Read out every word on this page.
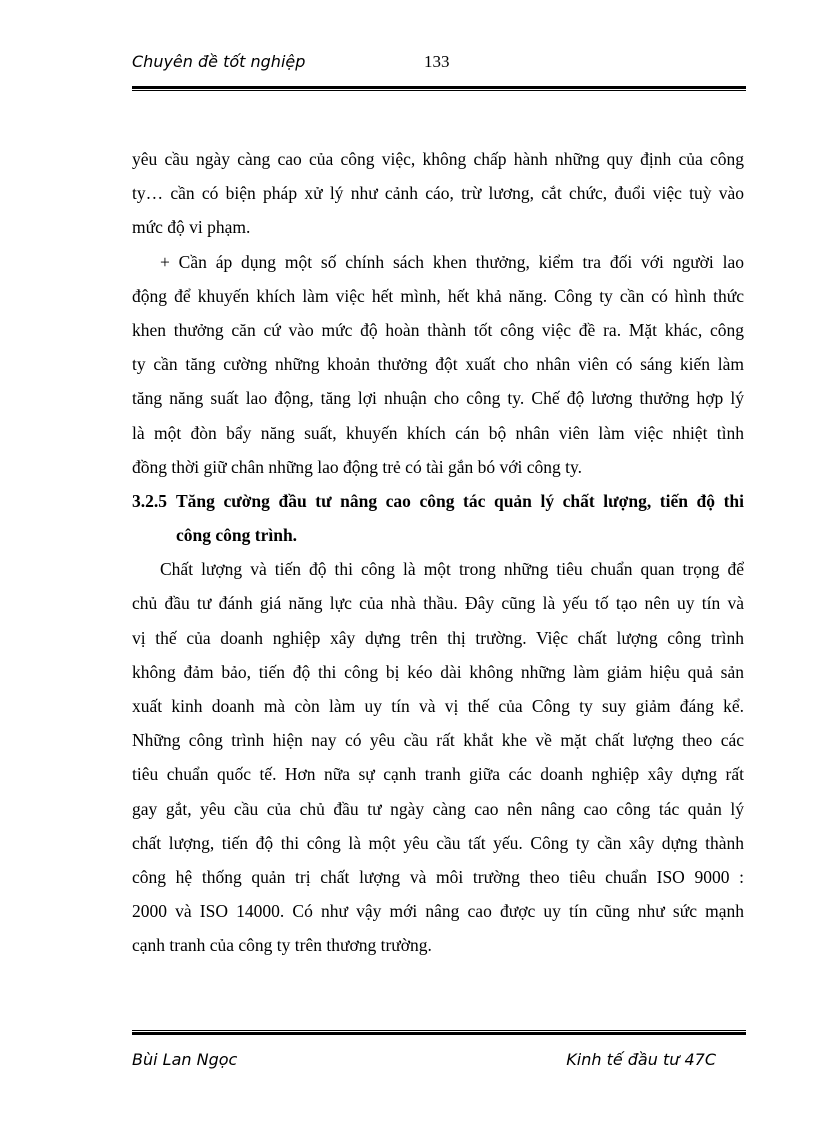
Chuyên đề tốt nghiệp	133
yêu cầu ngày càng cao của công việc, không chấp hành những quy định của công
ty… cần có biện pháp xử lý như cảnh cáo, trừ lương, cắt chức, đuổi việc tuỳ vào
mức độ vi phạm.
+ Cần áp dụng một số chính sách khen thưởng, kiểm tra đối với người lao
động để khuyến khích làm việc hết mình, hết khả năng. Công ty cần có hình thức
khen thưởng căn cứ vào mức độ hoàn thành tốt công việc đề ra. Mặt khác, công
ty cần tăng cường những khoản thưởng đột xuất cho nhân viên có sáng kiến làm
tăng năng suất lao động, tăng lợi nhuận cho công ty. Chế độ lương thưởng hợp lý
là một đòn bẩy năng suất, khuyến khích cán bộ nhân viên làm việc nhiệt tình
đồng thời giữ chân những lao động trẻ có tài gắn bó với công ty.
3.2.5 Tăng cường đầu tư nâng cao công tác quản lý chất lượng, tiến độ thi
công công trình.
Chất lượng và tiến độ thi công là một trong những tiêu chuẩn quan trọng để
chủ đầu tư đánh giá năng lực của nhà thầu. Đây cũng là yếu tố tạo nên uy tín và
vị thế của doanh nghiệp xây dựng trên thị trường. Việc chất lượng công trình
không đảm bảo, tiến độ thi công bị kéo dài không những làm giảm hiệu quả sản
xuất kinh doanh mà còn làm uy tín và vị thế của Công ty suy giảm đáng kể.
Những công trình hiện nay có yêu cầu rất khắt khe về mặt chất lượng theo các
tiêu chuẩn quốc tế. Hơn nữa sự cạnh tranh giữa các doanh nghiệp xây dựng rất
gay gắt, yêu cầu của chủ đầu tư ngày càng cao nên nâng cao công tác quản lý
chất lượng, tiến độ thi công là một yêu cầu tất yếu. Công ty cần xây dựng thành
công hệ thống quản trị chất lượng và môi trường theo tiêu chuẩn ISO 9000 :
2000 và ISO 14000. Có như vậy mới nâng cao được uy tín cũng như sức mạnh
cạnh tranh của công ty trên thương trường.
Bùi Lan Ngọc	Kinh tế đầu tư 47C
